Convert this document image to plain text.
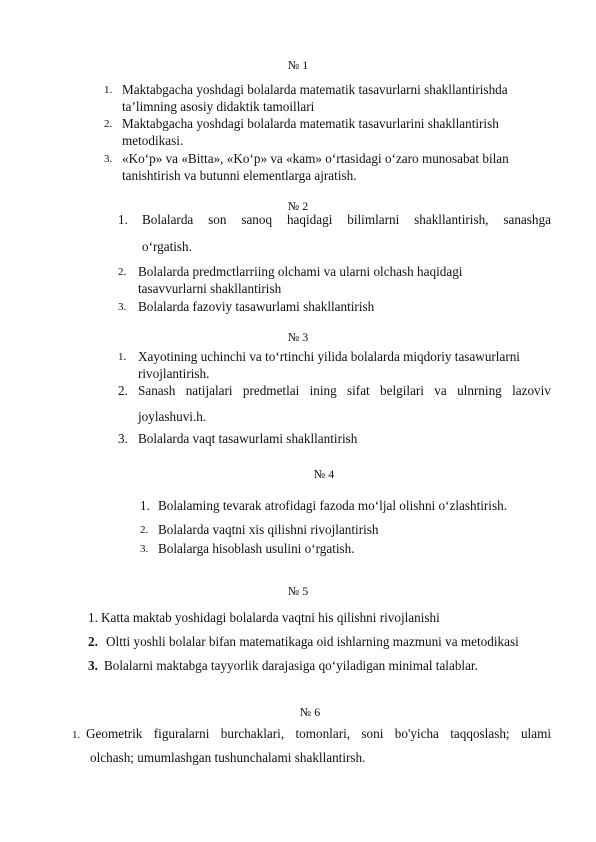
№ 1
1. Maktabgacha yoshdagi bolalarda matematik tasavurlarni shakllantirishda
ta’limning asosiy didaktik tamoillari
2. Maktabgacha yoshdagi bolalarda matematik tasavurlarini shakllantirish
metodikasi.
3. «Ko‘p» va «Bitta», «Ko‘p» va «kam» o‘rtasidagi o‘zaro munosabat bilan
tanishtirish va butunni elementlarga ajratish.
№ 2
1. Bolalarda son sanoq haqidagi bilimlarni shakllantirish, sanashga
o‘rgatish.
2. Bolalarda predmctlarriing olchami va ularni olchash haqidagi
tasavvurlarni shakllantirish
3. Bolalarda fazoviy tasawurlami shakllantirish
№ 3
1. Xayotining uchinchi va to‘rtinchi yilida bolalarda miqdoriy tasawurlarni
rivojlantirish.
2. Sanash natijalari predmetlai ining sifat belgilari va ulnrning lazoviv
joylashuvi.h.
3. Bolalarda vaqt tasawurlami shakllantirish
№ 4
1. Bolalaming tevarak atrofidagi fazoda mo‘ljal olishni o‘zlashtirish.
2. Bolalarda vaqtni xis qilishni rivojlantirish
3. Bolalarga hisoblash usulini o‘rgatish.
№ 5
1. Katta maktab yoshidagi bolalarda vaqtni his qilishni rivojlanishi
2. Oltti yoshli bolalar bifan matematikaga oid ishlarning mazmuni va metodikasi
3. Bolalarni maktabga tayyorlik darajasiga qo‘yiladigan minimal talablar.
№ 6
1. Geometrik figuralarni burchaklari, tomonlari, soni bo'yicha taqqoslash; ulami
olchash; umumlashgan tushunchalami shakllantirsh.
